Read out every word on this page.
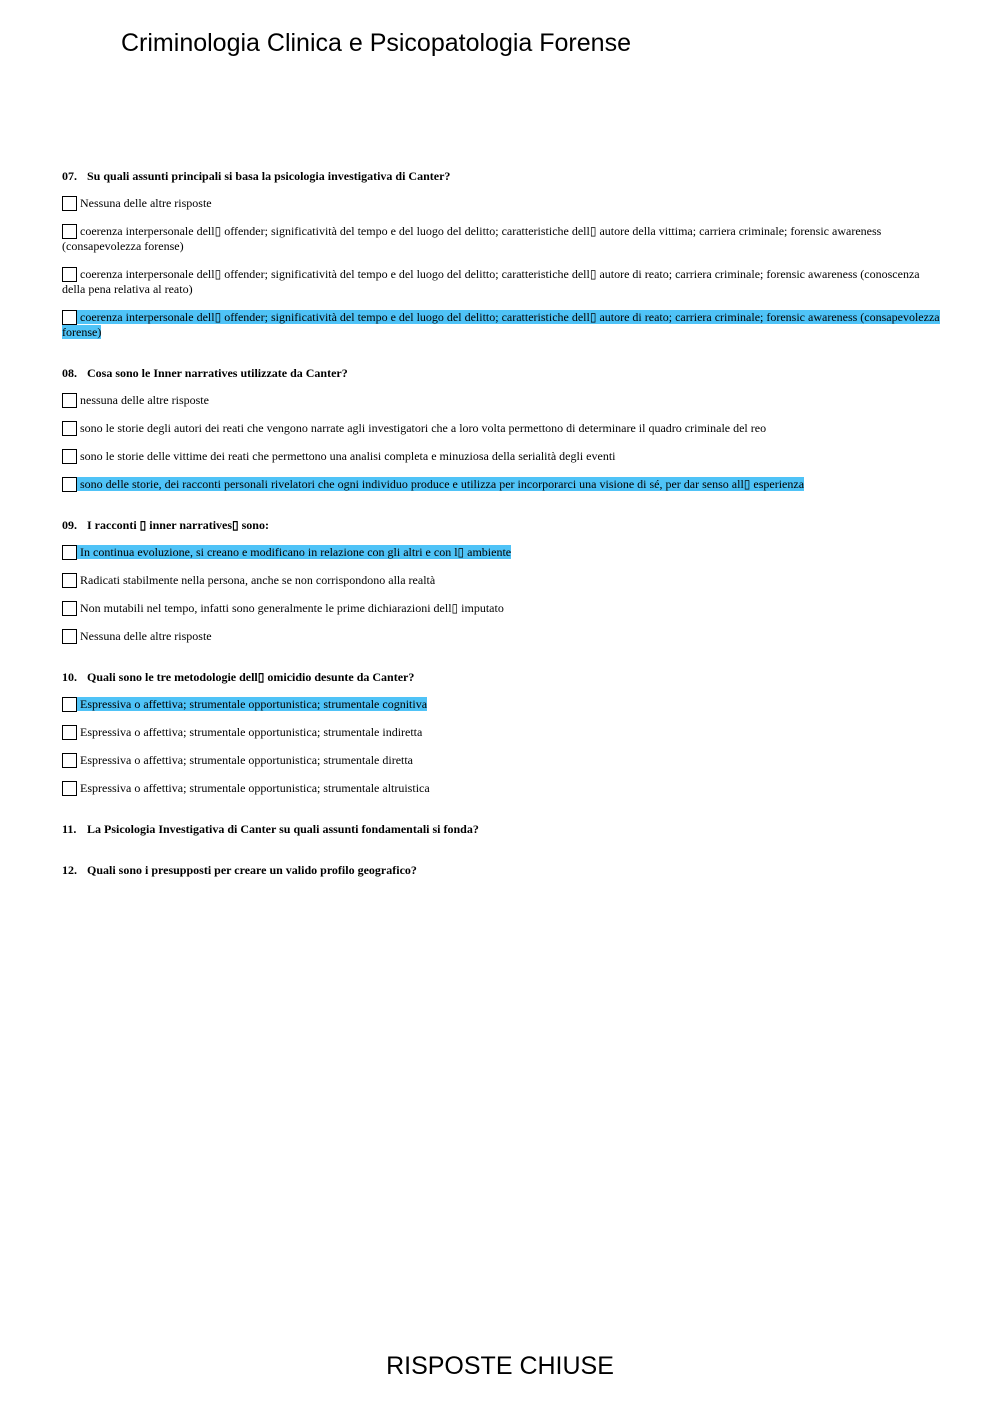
Criminologia Clinica e Psicopatologia Forense
07. Su quali assunti principali si basa la psicologia investigativa di Canter?
Nessuna delle altre risposte
coerenza interpersonale dell▯ offender; significatività del tempo e del luogo del delitto; caratteristiche dell▯ autore della vittima; carriera criminale; forensic awareness (consapevolezza forense)
coerenza interpersonale dell▯ offender; significatività del tempo e del luogo del delitto; caratteristiche dell▯ autore di reato; carriera criminale; forensic awareness (conoscenza della pena relativa al reato)
coerenza interpersonale dell▯ offender; significatività del tempo e del luogo del delitto; caratteristiche dell▯ autore di reato; carriera criminale; forensic awareness (consapevolezza forense)
08. Cosa sono le Inner narratives utilizzate da Canter?
nessuna delle altre risposte
sono le storie degli autori dei reati che vengono narrate agli investigatori che a loro volta permettono di determinare il quadro criminale del reo
sono le storie delle vittime dei reati che permettono una analisi completa e minuziosa della serialità degli eventi
sono delle storie, dei racconti personali rivelatori che ogni individuo produce e utilizza per incorporarci una visione di sé, per dar senso all▯ esperienza
09. I racconti ▯ inner narratives▯ sono:
In continua evoluzione, si creano e modificano in relazione con gli altri e con l▯ ambiente
Radicati stabilmente nella persona, anche se non corrispondono alla realtà
Non mutabili nel tempo, infatti sono generalmente le prime dichiarazioni dell▯ imputato
Nessuna delle altre risposte
10. Quali sono le tre metodologie dell▯ omicidio desunte da Canter?
Espressiva o affettiva; strumentale opportunistica; strumentale cognitiva
Espressiva o affettiva; strumentale opportunistica; strumentale indiretta
Espressiva o affettiva; strumentale opportunistica; strumentale diretta
Espressiva o affettiva; strumentale opportunistica; strumentale altruistica
11. La Psicologia Investigativa di Canter su quali assunti fondamentali si fonda?
12. Quali sono i presupposti per creare un valido profilo geografico?
RISPOSTE CHIUSE
